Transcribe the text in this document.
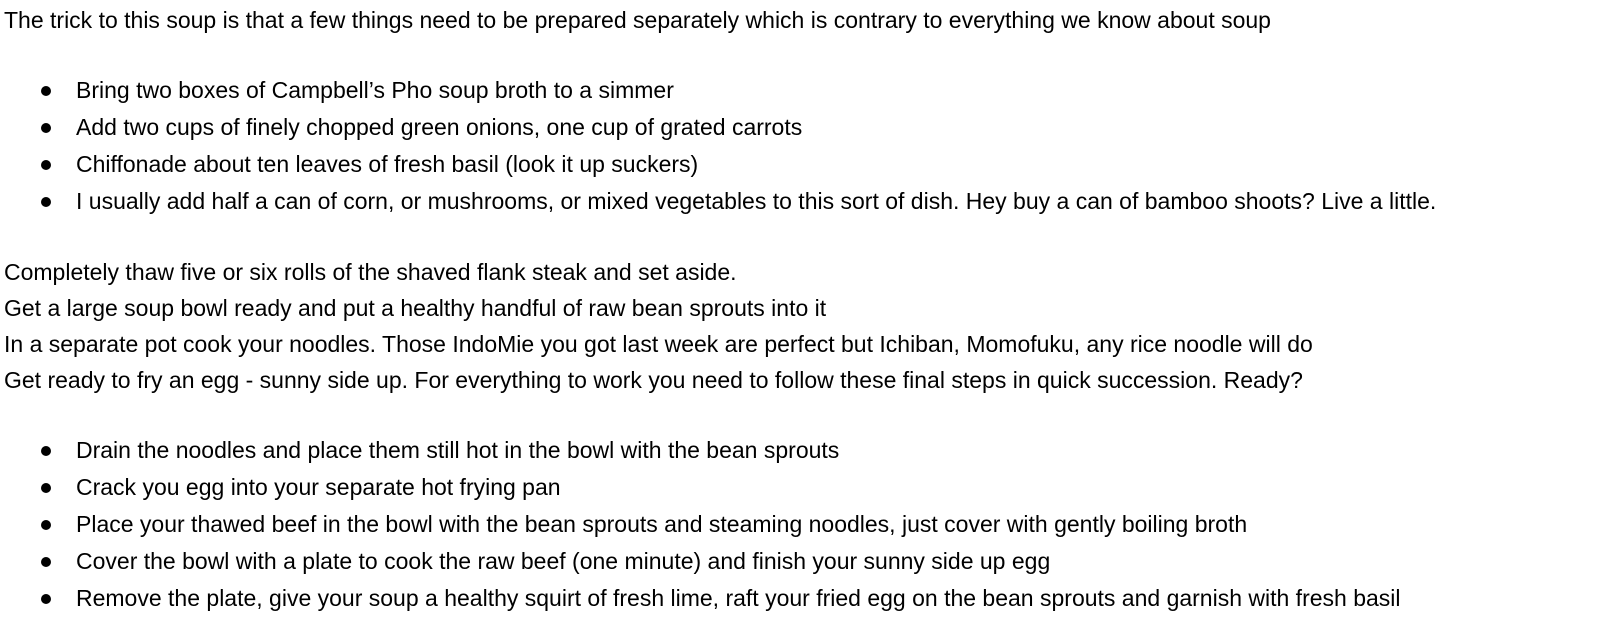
The trick to this soup is that a few things need to be prepared separately which is contrary to everything we know about soup

Bring two boxes of Campbell’s Pho soup broth to a simmer
Add two cups of finely chopped green onions, one cup of grated carrots
Chiffonade about ten leaves of fresh basil (look it up suckers)
I usually add half a can of corn, or mushrooms, or mixed vegetables to this sort of dish. Hey buy a can of bamboo shoots? Live a little.

Completely thaw five or six rolls of the shaved flank steak and set aside.

Get a large soup bowl ready and put a healthy handful of raw bean sprouts into it

In a separate pot cook your noodles. Those IndoMie you got last week are perfect but Ichiban, Momofuku, any rice noodle will do

Get ready to fry an egg - sunny side up. For everything to work you need to follow these final steps in quick succession. Ready?

Drain the noodles and place them still hot in the bowl with the bean sprouts
Crack you egg into your separate hot frying pan
Place your thawed beef in the bowl with the bean sprouts and steaming noodles, just cover with gently boiling broth
Cover the bowl with a plate to cook the raw beef (one minute) and finish your sunny side up egg
Remove the plate, give your soup a healthy squirt of fresh lime, raft your fried egg on the bean sprouts and garnish with fresh basil
